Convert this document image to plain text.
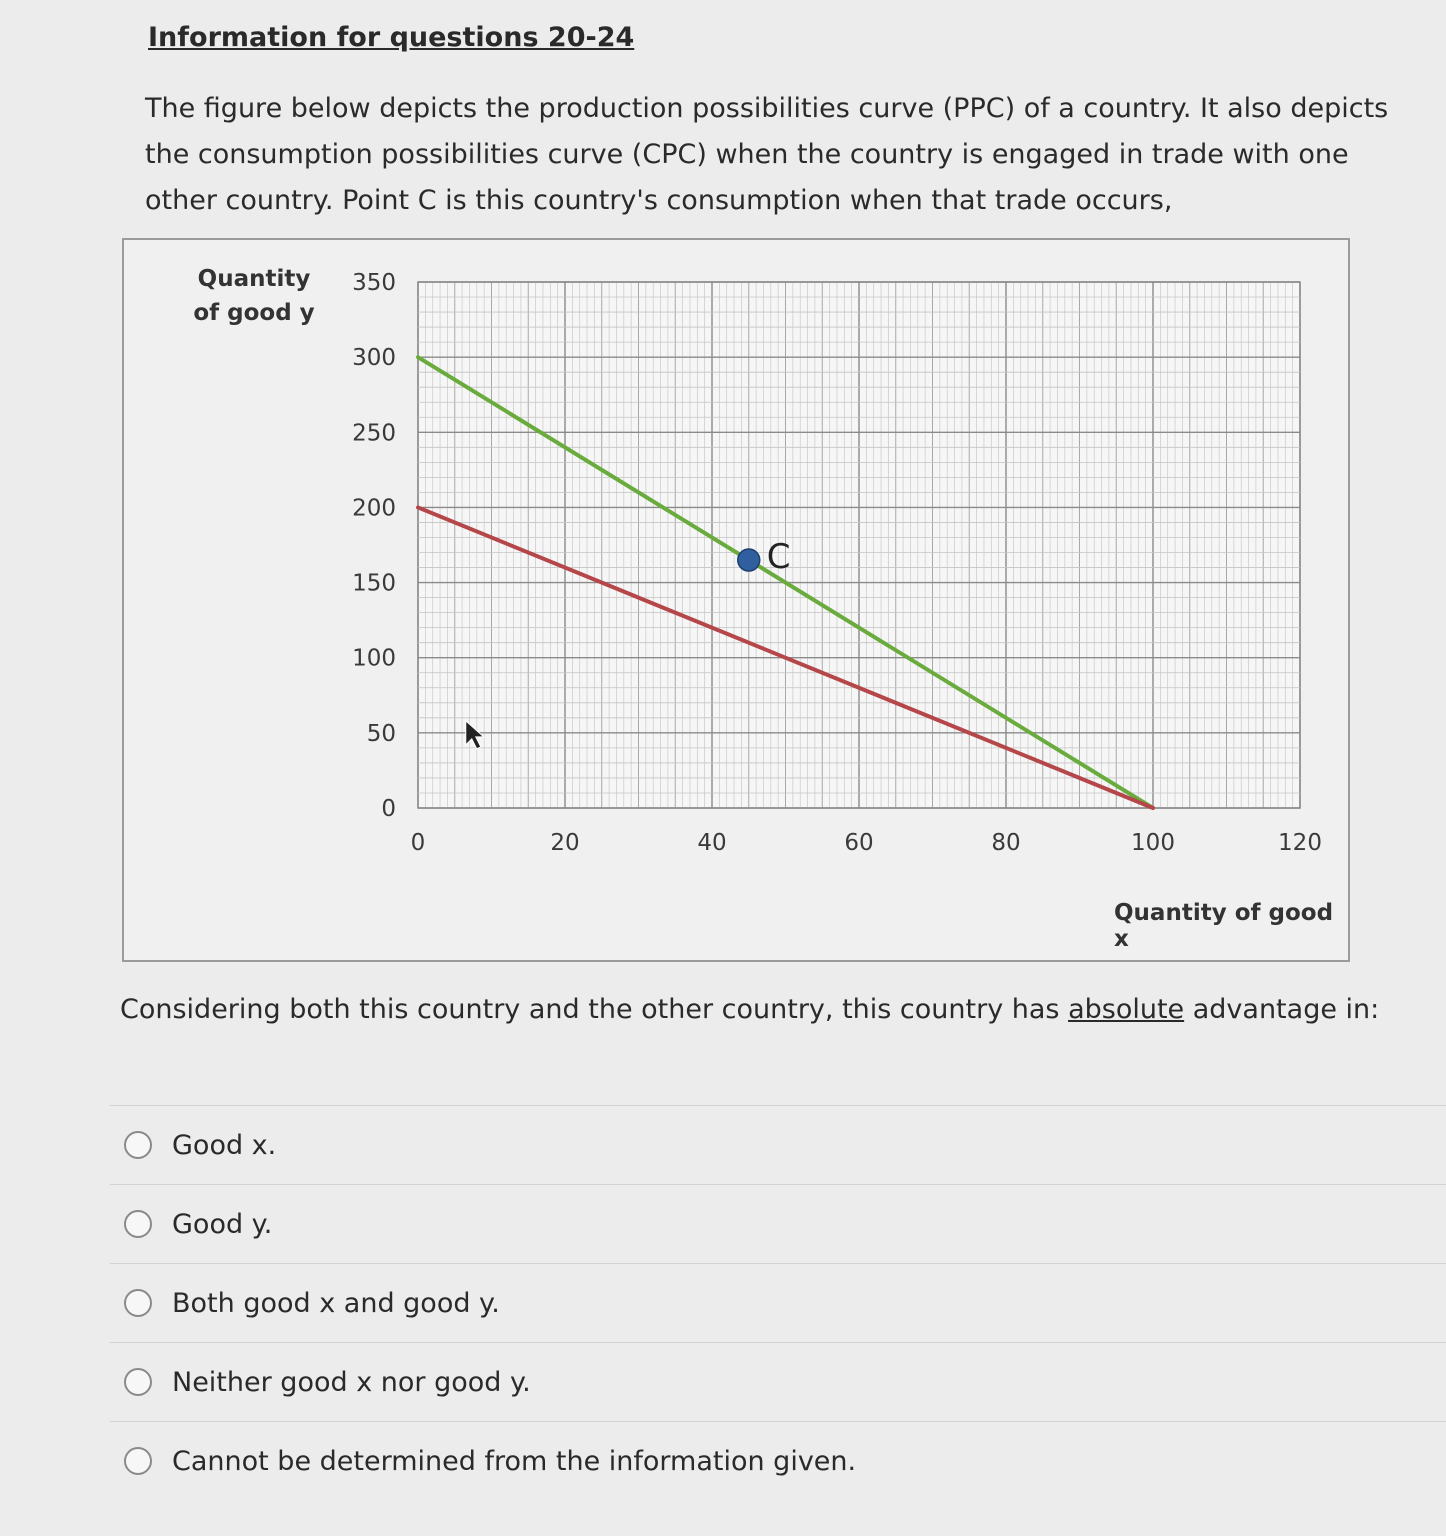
Information for questions 20-24
The figure below depicts the production possibilities curve (PPC) of a country. It also depicts the consumption possibilities curve (CPC) when the country is engaged in trade with one other country. Point C is this country's consumption when that trade occurs,
Quantity of good y
0
50
100
150
200
250
300
350
0	20	40	60	80	100	120
C
Quantity of good x
Considering both this country and the other country, this country has absolute advantage in:
Good x.
Good y.
Both good x and good y.
Neither good x nor good y.
Cannot be determined from the information given.
